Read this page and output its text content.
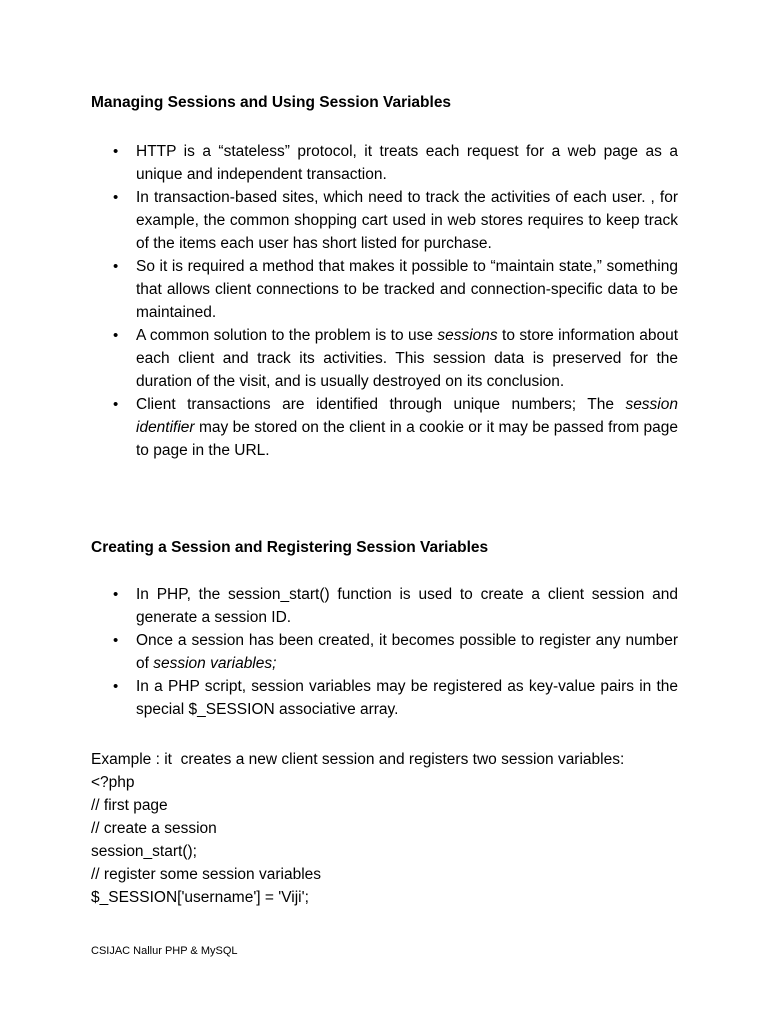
Managing Sessions and Using Session Variables
• HTTP is a “stateless” protocol, it treats each request for a web page as a unique and independent transaction.
• In transaction-based sites, which need to track the activities of each user. , for example, the common shopping cart used in web stores requires to keep track of the items each user has short listed for purchase.
• So it is required a method that makes it possible to “maintain state,” something that allows client connections to be tracked and connection-specific data to be maintained.
• A common solution to the problem is to use sessions to store information about each client and track its activities. This session data is preserved for the duration of the visit, and is usually destroyed on its conclusion.
• Client transactions are identified through unique numbers; The session identifier may be stored on the client in a cookie or it may be passed from page to page in the URL.
Creating a Session and Registering Session Variables
• In PHP, the session_start() function is used to create a client session and generate a session ID.
• Once a session has been created, it becomes possible to register any number of session variables;
• In a PHP script, session variables may be registered as key-value pairs in the special $_SESSION associative array.
Example : it  creates a new client session and registers two session variables:
<?php
// first page
// create a session
session_start();
// register some session variables
$_SESSION['username'] = 'Viji';
CSIJAC Nallur PHP & MySQL
